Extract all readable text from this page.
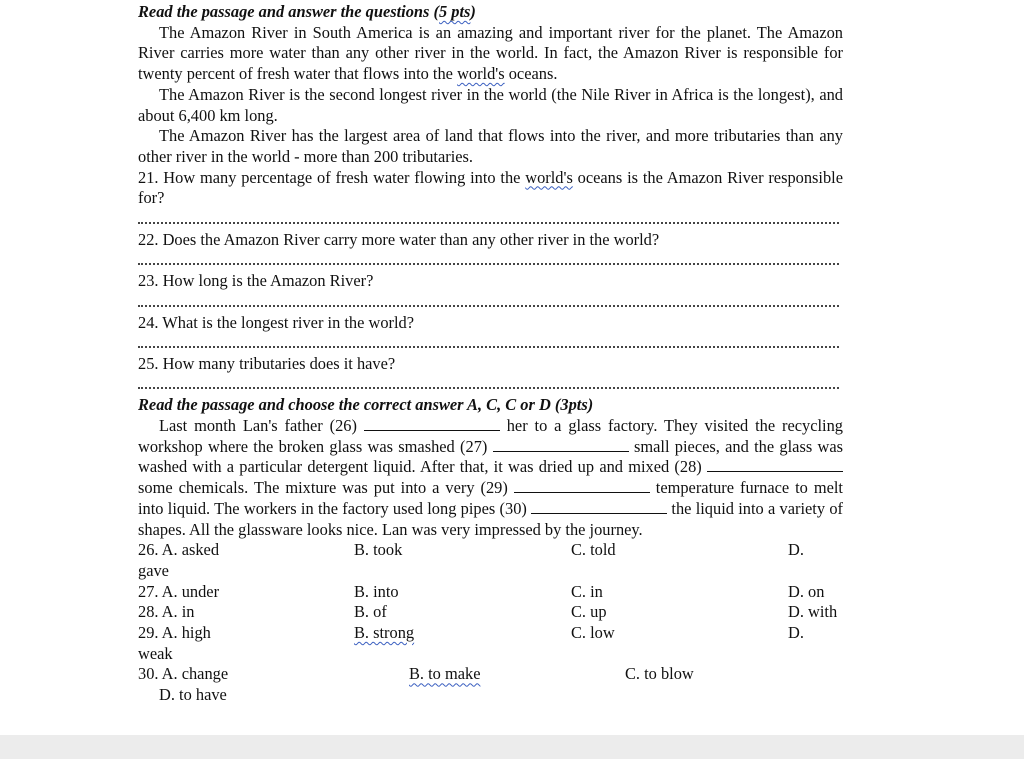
Read the passage and answer the questions (5 pts)
The Amazon River in South America is an amazing and important river for the planet. The Amazon River carries more water than any other river in the world. In fact, the Amazon River is responsible for twenty percent of fresh water that flows into the world's oceans.
The Amazon River is the second longest river in the world (the Nile River in Africa is the longest), and about 6,400 km long.
The Amazon River has the largest area of land that flows into the river, and more tributaries than any other river in the world - more than 200 tributaries.
21. How many percentage of fresh water flowing into the world's oceans is the Amazon River responsible for?
22. Does the Amazon River carry more water than any other river in the world?
23. How long is the Amazon River?
24. What is the longest river in the world?
25. How many tributaries does it have?
Read the passage and choose the correct answer A, C, C or D (3pts)
Last month Lan's father (26)	her to a glass factory. They visited the recycling workshop where the broken glass was smashed (27)	small pieces, and the glass was washed with a particular detergent liquid. After that, it was dried up and mixed (28)  some chemicals. The mixture was put into a very (29)	temperature furnace to melt into liquid. The workers in the factory used long pipes (30)	the liquid into a variety of shapes. All the glassware looks nice. Lan was very impressed by the journey.
26. A. asked	B. took	C. told	D.
gave
27. A. under	B. into	C. in	D. on
28. A. in	B. of	C. up	D. with
29. A. high	B. strong	C. low	D.
weak
30. A. change	B. to make	C. to blow
D. to have
